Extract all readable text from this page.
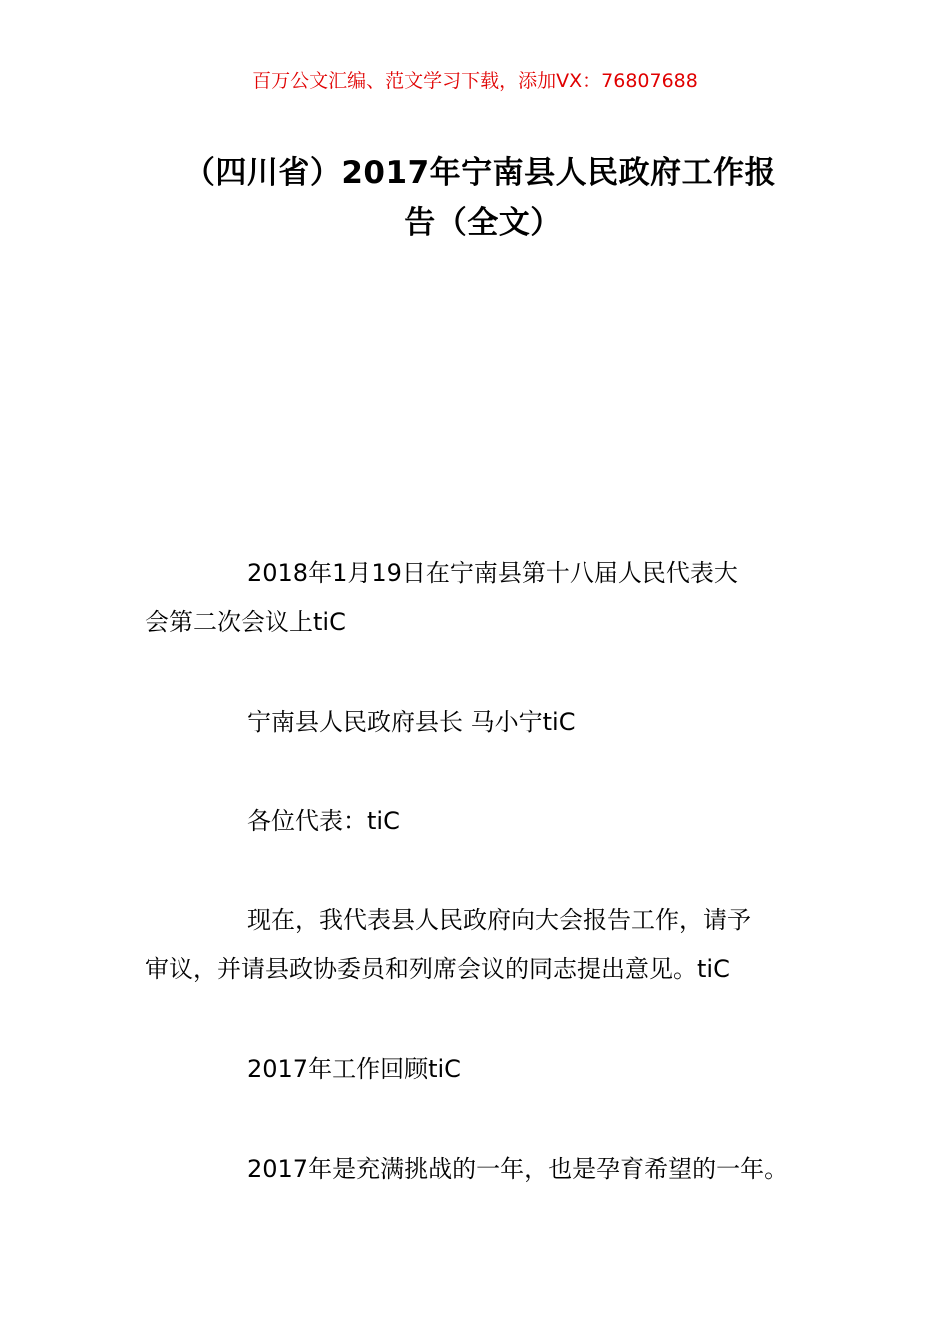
百万公文汇编、范文学习下载，添加VX：76807688
（四川省）2017年宁南县人民政府工作报
告（全文）
2018年1月19日在宁南县第十八届人民代表大
会第二次会议上tiC
宁南县人民政府县长 马小宁tiC
各位代表：tiC
现在，我代表县人民政府向大会报告工作，请予
审议，并请县政协委员和列席会议的同志提出意见。tiC
2017年工作回顾tiC
2017年是充满挑战的一年，也是孕育希望的一年。
